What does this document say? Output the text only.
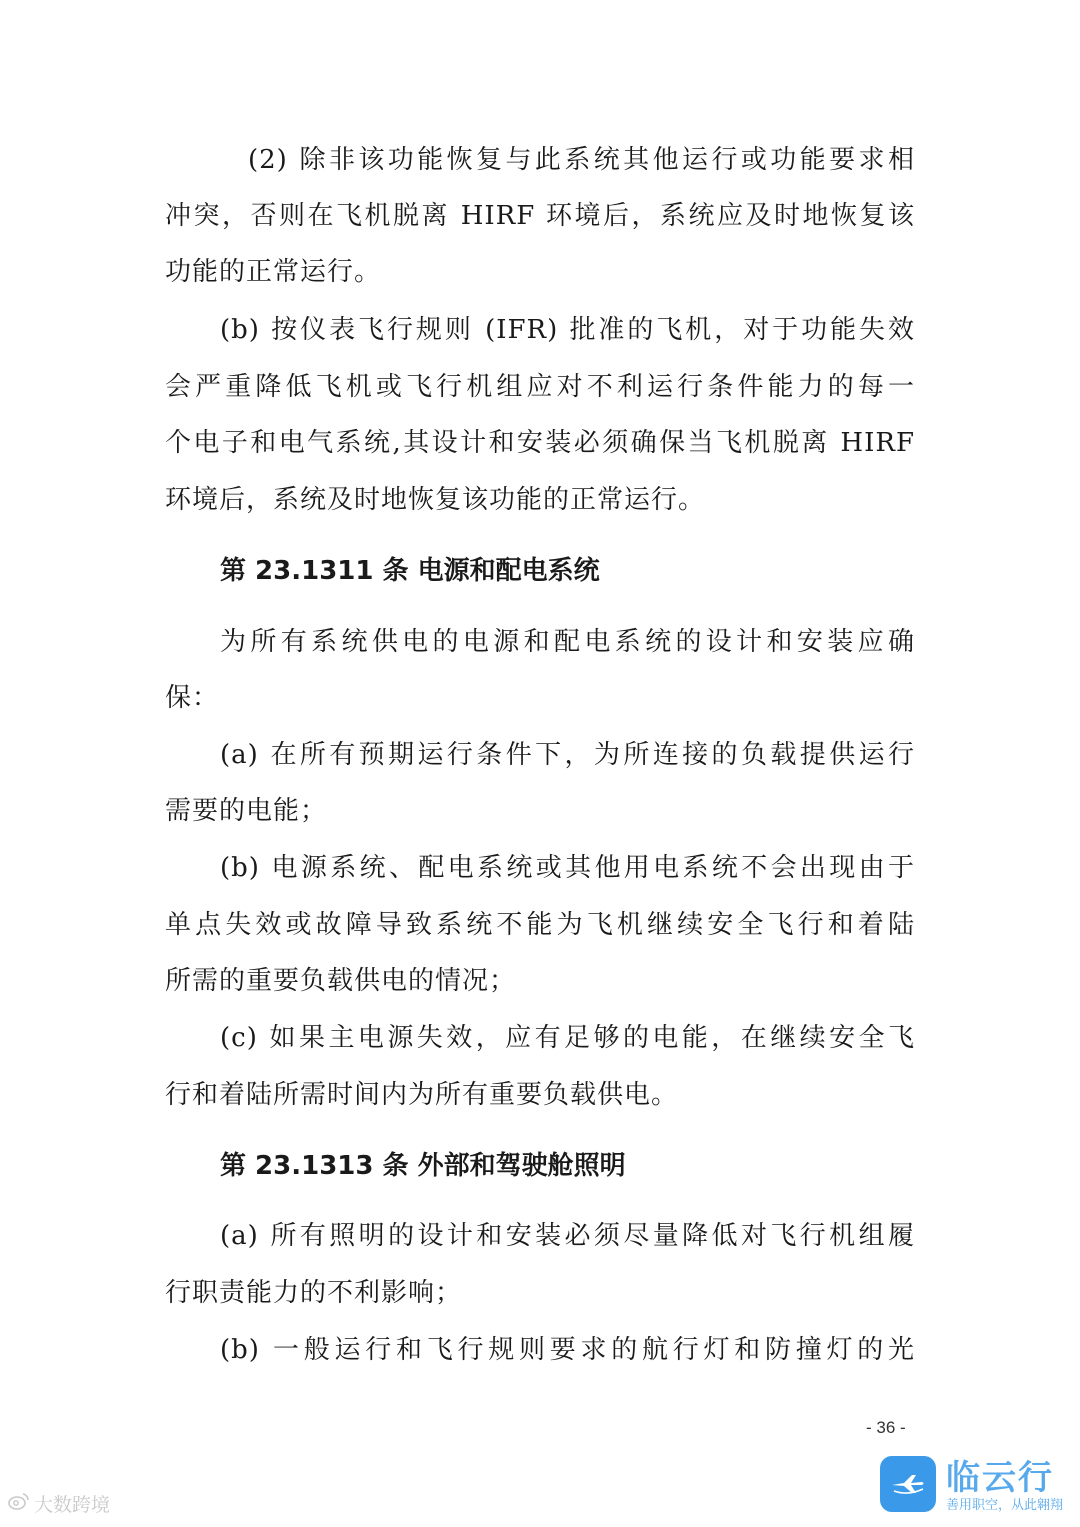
(2) 除非该功能恢复与此系统其他运行或功能要求相
冲突，否则在飞机脱离 HIRF 环境后，系统应及时地恢复该
功能的正常运行。
(b) 按仪表飞行规则 (IFR) 批准的飞机，对于功能失效
会严重降低飞机或飞行机组应对不利运行条件能力的每一
个电子和电气系统,其设计和安装必须确保当飞机脱离 HIRF
环境后，系统及时地恢复该功能的正常运行。
第 23.1311 条 电源和配电系统
为所有系统供电的电源和配电系统的设计和安装应确
保：
(a) 在所有预期运行条件下，为所连接的负载提供运行
需要的电能；
(b) 电源系统、配电系统或其他用电系统不会出现由于
单点失效或故障导致系统不能为飞机继续安全飞行和着陆
所需的重要负载供电的情况；
(c) 如果主电源失效，应有足够的电能，在继续安全飞
行和着陆所需时间内为所有重要负载供电。
第 23.1313 条 外部和驾驶舱照明
(a) 所有照明的设计和安装必须尽量降低对飞行机组履
行职责能力的不利影响；
(b) 一般运行和飞行规则要求的航行灯和防撞灯的光
- 36 -
大数跨境
临云行
善用职空，从此翱翔
